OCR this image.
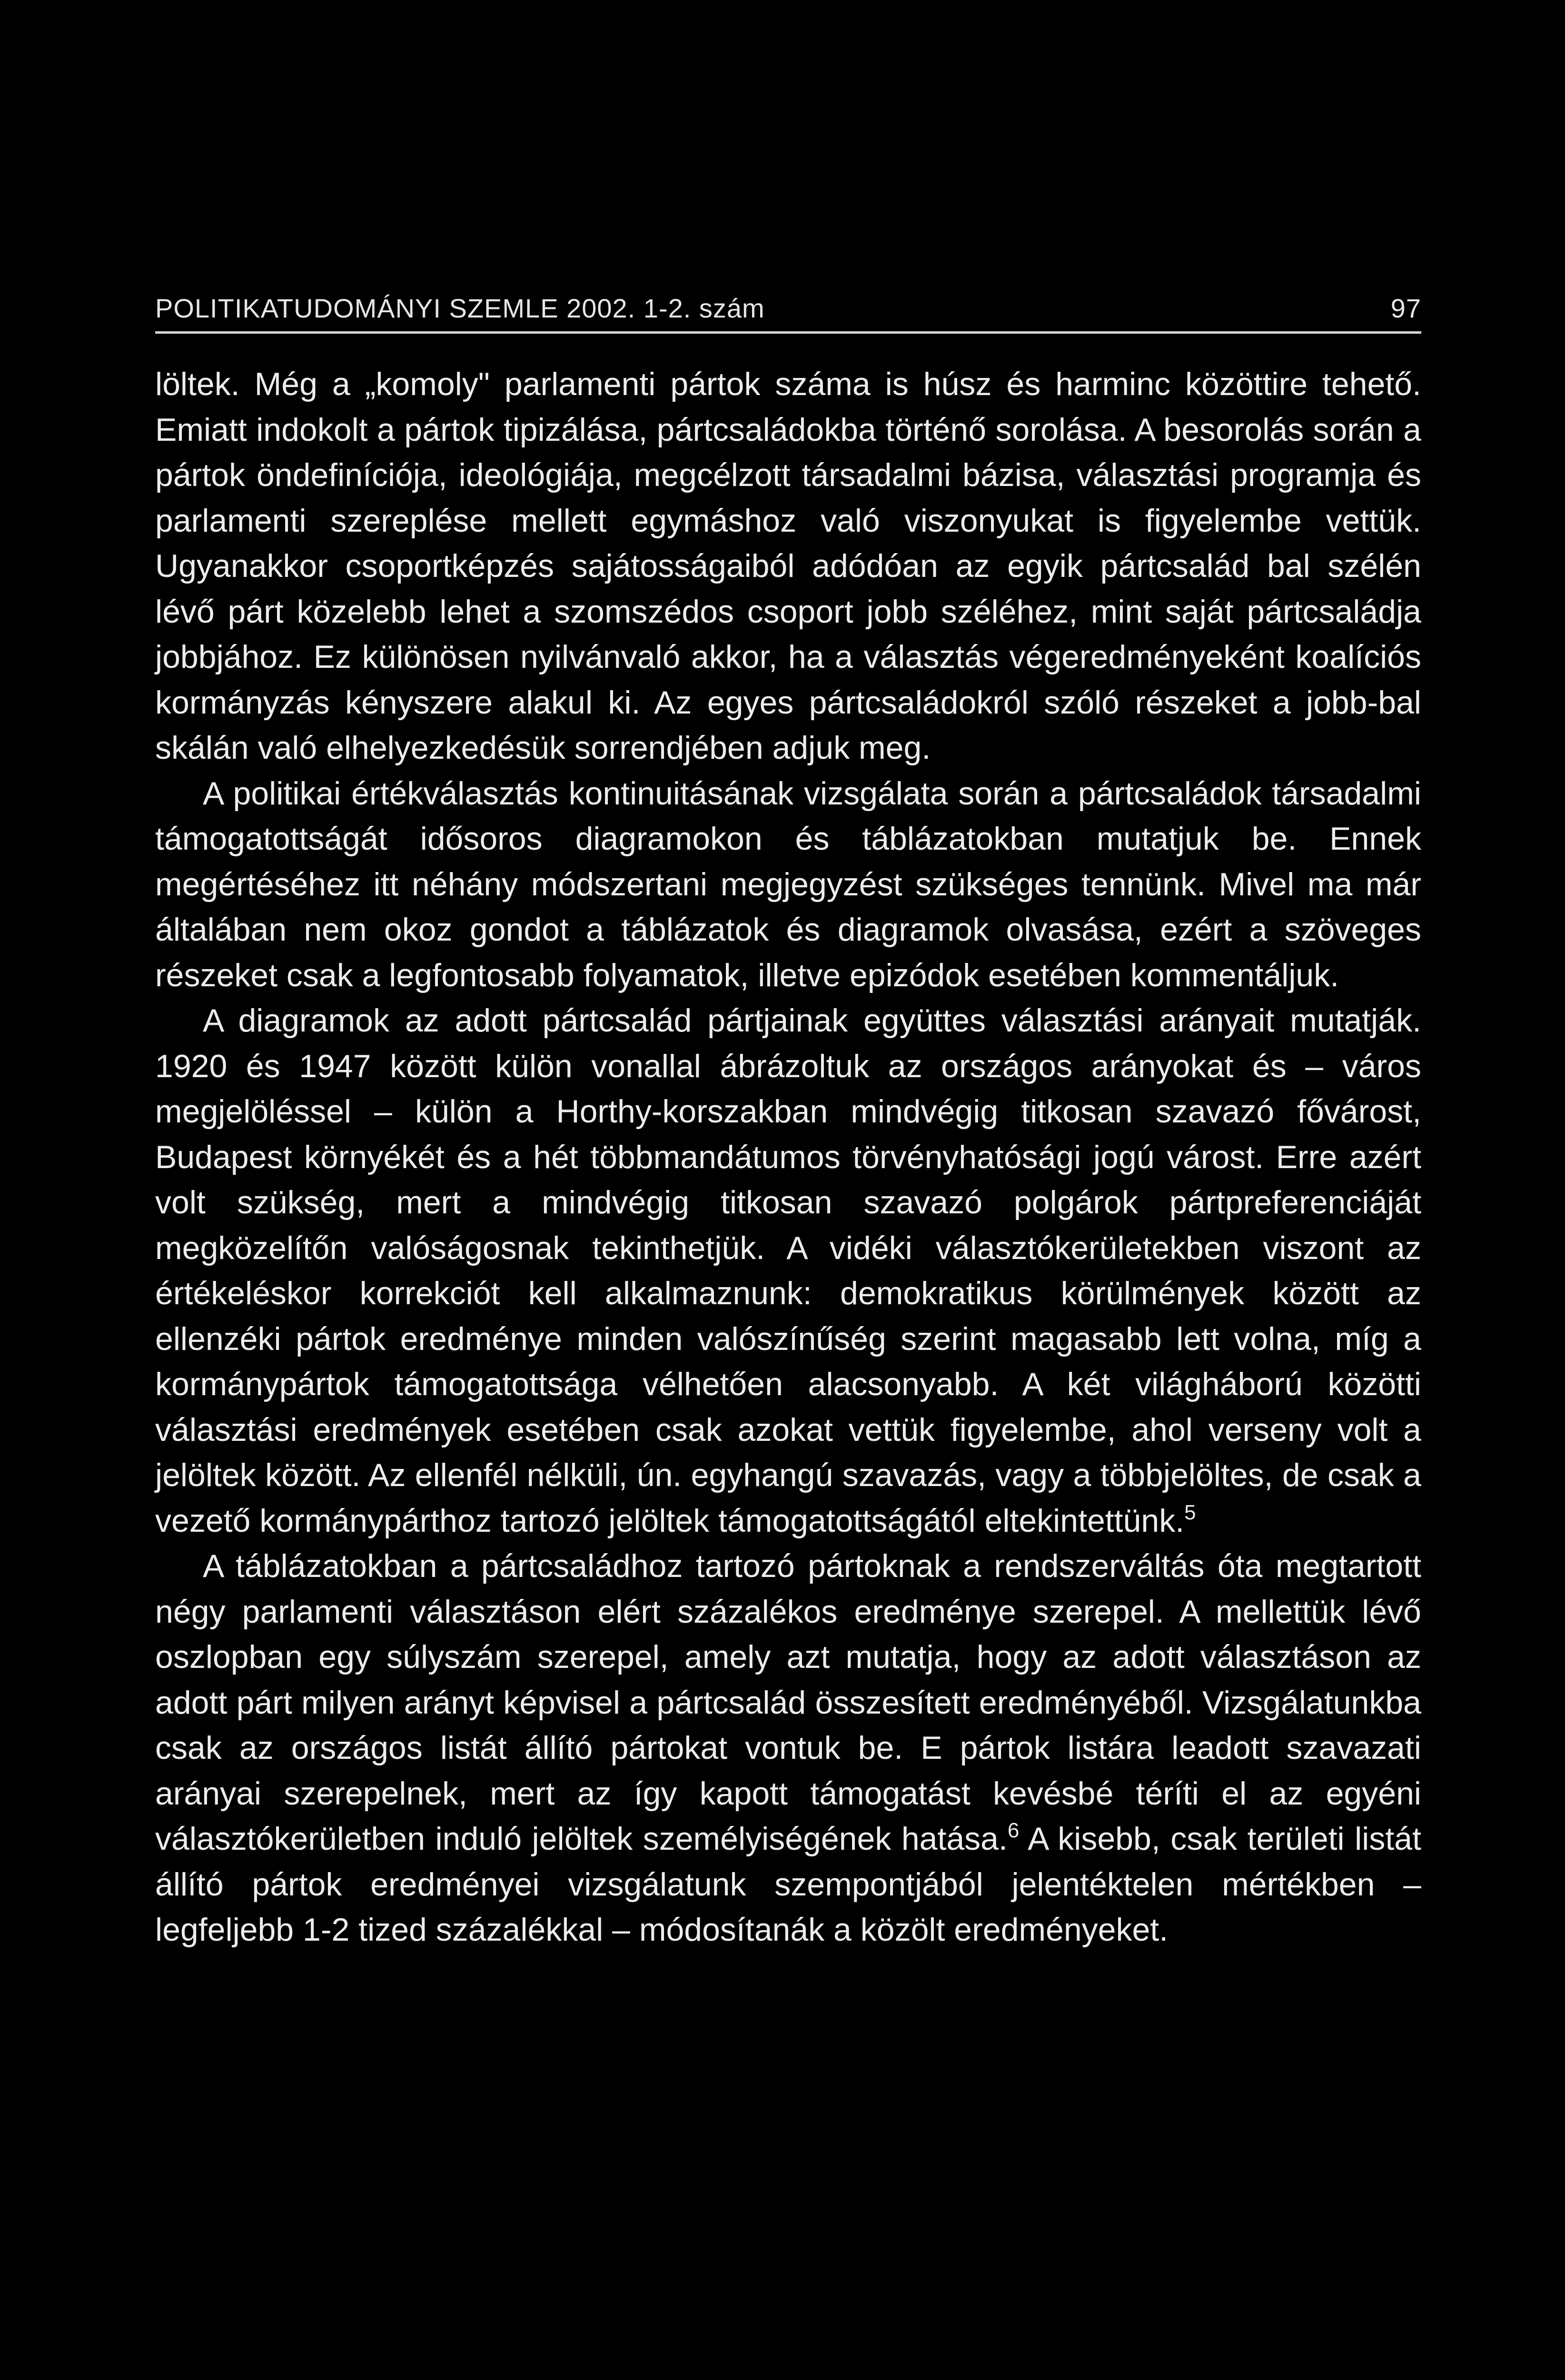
POLITIKATUDOMÁNYI SZEMLE 2002. 1-2. szám	97

löltek. Még a „komoly" parlamenti pártok száma is húsz és harminc közöttire tehető. Emiatt indokolt a pártok tipizálása, pártcsaládokba történő sorolása. A besorolás során a pártok öndefiníciója, ideológiája, megcélzott társadalmi bázisa, választási programja és parlamenti szereplése mellett egymáshoz való viszonyukat is figyelembe vettük. Ugyanakkor csoportképzés sajátosságaiból adódóan az egyik pártcsalád bal szélén lévő párt közelebb lehet a szomszédos csoport jobb széléhez, mint saját pártcsaládja jobbjához. Ez különösen nyilvánvaló akkor, ha a választás végeredményeként koalíciós kormányzás kényszere alakul ki. Az egyes pártcsaládokról szóló részeket a jobb-bal skálán való elhelyezkedésük sorrendjében adjuk meg.

A politikai értékválasztás kontinuitásának vizsgálata során a pártcsaládok társadalmi támogatottságát idősoros diagramokon és táblázatokban mutatjuk be. Ennek megértéséhez itt néhány módszertani megjegyzést szükséges tennünk. Mivel ma már általában nem okoz gondot a táblázatok és diagramok olvasása, ezért a szöveges részeket csak a legfontosabb folyamatok, illetve epizódok esetében kommentáljuk.

A diagramok az adott pártcsalád pártjainak együttes választási arányait mutatják. 1920 és 1947 között külön vonallal ábrázoltuk az országos arányokat és – város megjelöléssel – külön a Horthy-korszakban mindvégig titkosan szavazó fővárost, Budapest környékét és a hét többmandátumos törvényhatósági jogú várost. Erre azért volt szükség, mert a mindvégig titkosan szavazó polgárok pártpreferenciáját megközelítőn valóságosnak tekinthetjük. A vidéki választókerületekben viszont az értékeléskor korrekciót kell alkalmaznunk: demokratikus körülmények között az ellenzéki pártok eredménye minden valószínűség szerint magasabb lett volna, míg a kormánypártok támogatottsága vélhetően alacsonyabb. A két világháború közötti választási eredmények esetében csak azokat vettük figyelembe, ahol verseny volt a jelöltek között. Az ellenfél nélküli, ún. egyhangú szavazás, vagy a többjelöltes, de csak a vezető kormánypárthoz tartozó jelöltek támogatottságától eltekintettünk.$^5$

A táblázatokban a pártcsaládhoz tartozó pártoknak a rendszerváltás óta megtartott négy parlamenti választáson elért százalékos eredménye szerepel. A mellettük lévő oszlopban egy súlyszám szerepel, amely azt mutatja, hogy az adott választáson az adott párt milyen arányt képvisel a pártcsalád összesített eredményéből. Vizsgálatunkba csak az országos listát állító pártokat vontuk be. E pártok listára leadott szavazati arányai szerepelnek, mert az így kapott támogatást kevésbé téríti el az egyéni választókerületben induló jelöltek személyiségének hatása.$^6$ A kisebb, csak területi listát állító pártok eredményei vizsgálatunk szempontjából jelentéktelen mértékben – legfeljebb 1-2 tized százalékkal – módosítanák a közölt eredményeket.
